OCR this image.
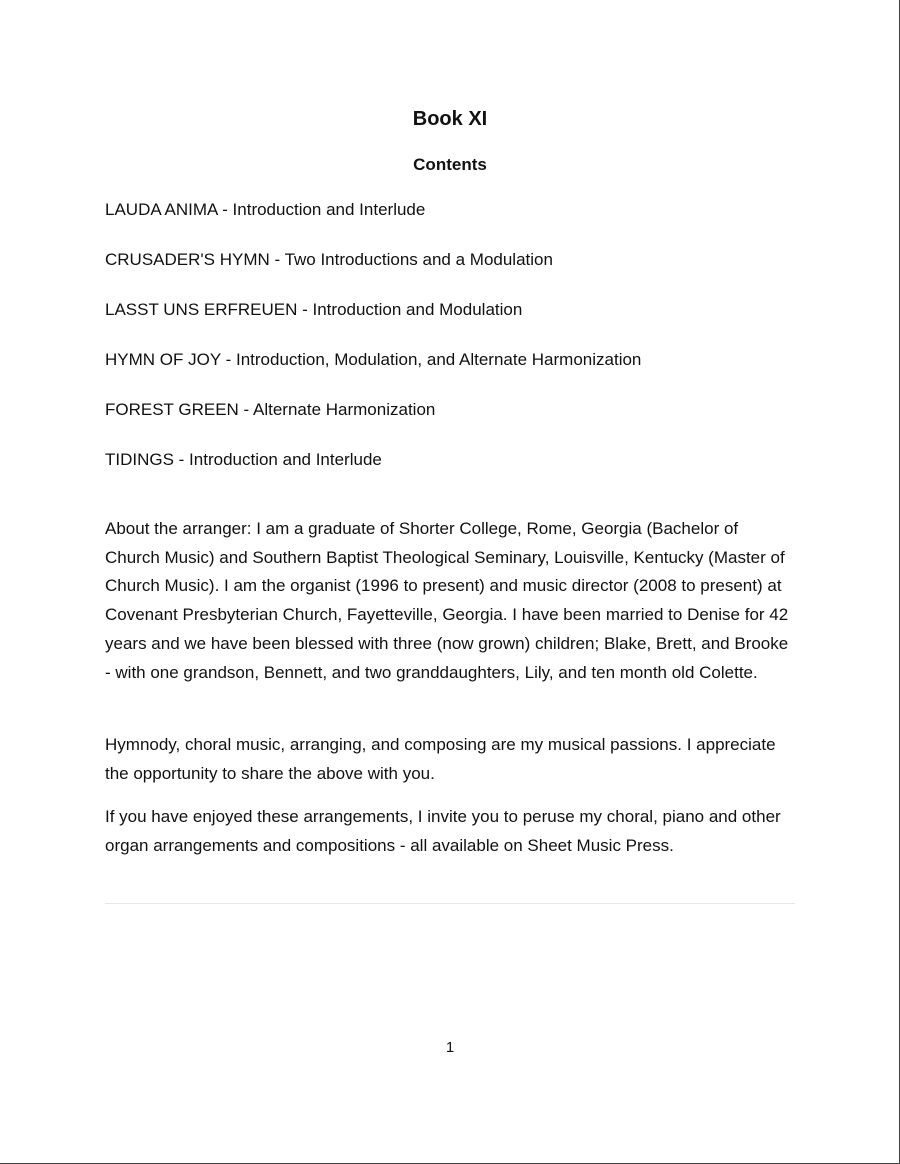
Book XI
Contents
LAUDA ANIMA - Introduction and Interlude
CRUSADER'S HYMN - Two Introductions and a Modulation
LASST UNS ERFREUEN - Introduction and Modulation
HYMN OF JOY - Introduction, Modulation, and Alternate Harmonization
FOREST GREEN - Alternate Harmonization
TIDINGS - Introduction and Interlude

About the arranger: I am a graduate of Shorter College, Rome, Georgia (Bachelor of Church Music) and Southern Baptist Theological Seminary, Louisville, Kentucky (Master of Church Music). I am the organist (1996 to present) and music director (2008 to present) at Covenant Presbyterian Church, Fayetteville, Georgia. I have been married to Denise for 42 years and we have been blessed with three (now grown) children; Blake, Brett, and Brooke - with one grandson, Bennett, and two granddaughters, Lily, and ten month old Colette.

Hymnody, choral music, arranging, and composing are my musical passions. I appreciate the opportunity to share the above with you.

If you have enjoyed these arrangements, I invite you to peruse my choral, piano and other organ arrangements and compositions - all available on Sheet Music Press.

1
